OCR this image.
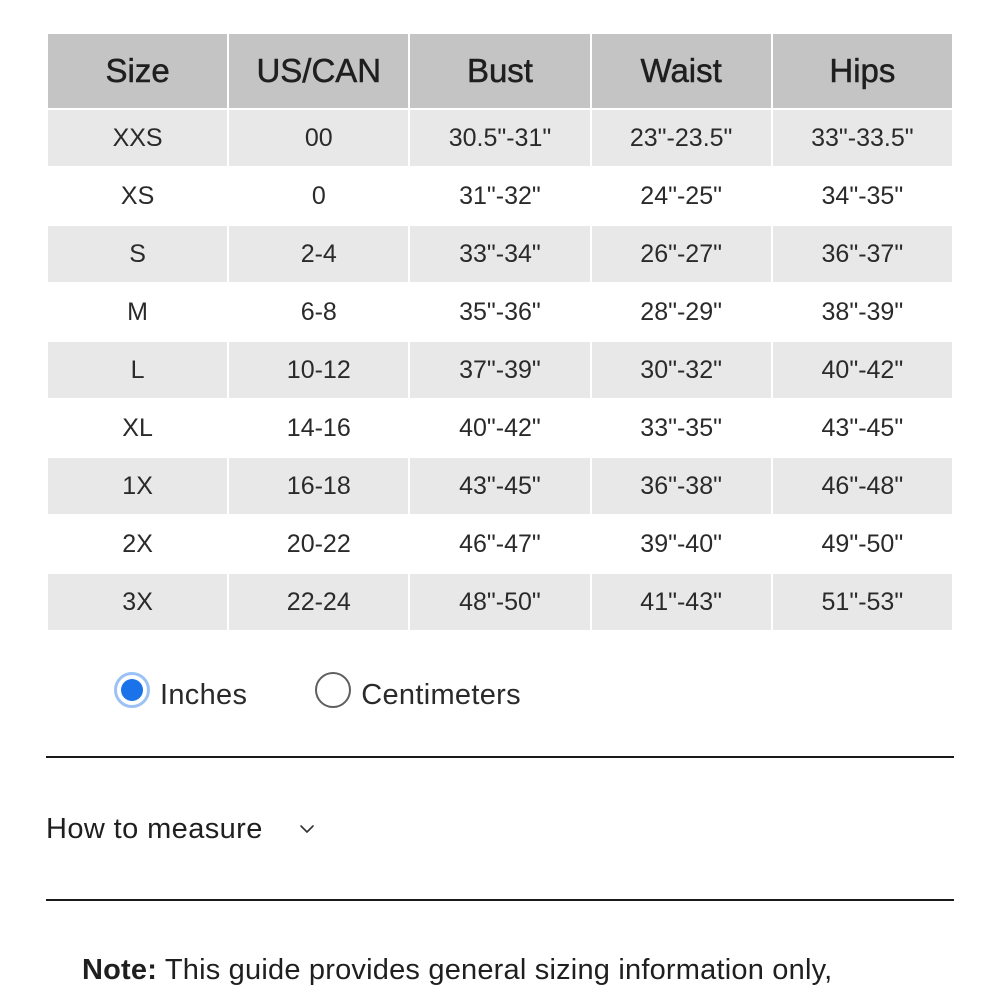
Size	US/CAN	Bust	Waist	Hips
XXS	00	30.5"-31"	23"-23.5"	33"-33.5"
XS	0	31"-32"	24"-25"	34"-35"
S	2-4	33"-34"	26"-27"	36"-37"
M	6-8	35"-36"	28"-29"	38"-39"
L	10-12	37"-39"	30"-32"	40"-42"
XL	14-16	40"-42"	33"-35"	43"-45"
1X	16-18	43"-45"	36"-38"	46"-48"
2X	20-22	46"-47"	39"-40"	49"-50"
3X	22-24	48"-50"	41"-43"	51"-53"
Inches	Centimeters
How to measure
Note: This guide provides general sizing information only,
